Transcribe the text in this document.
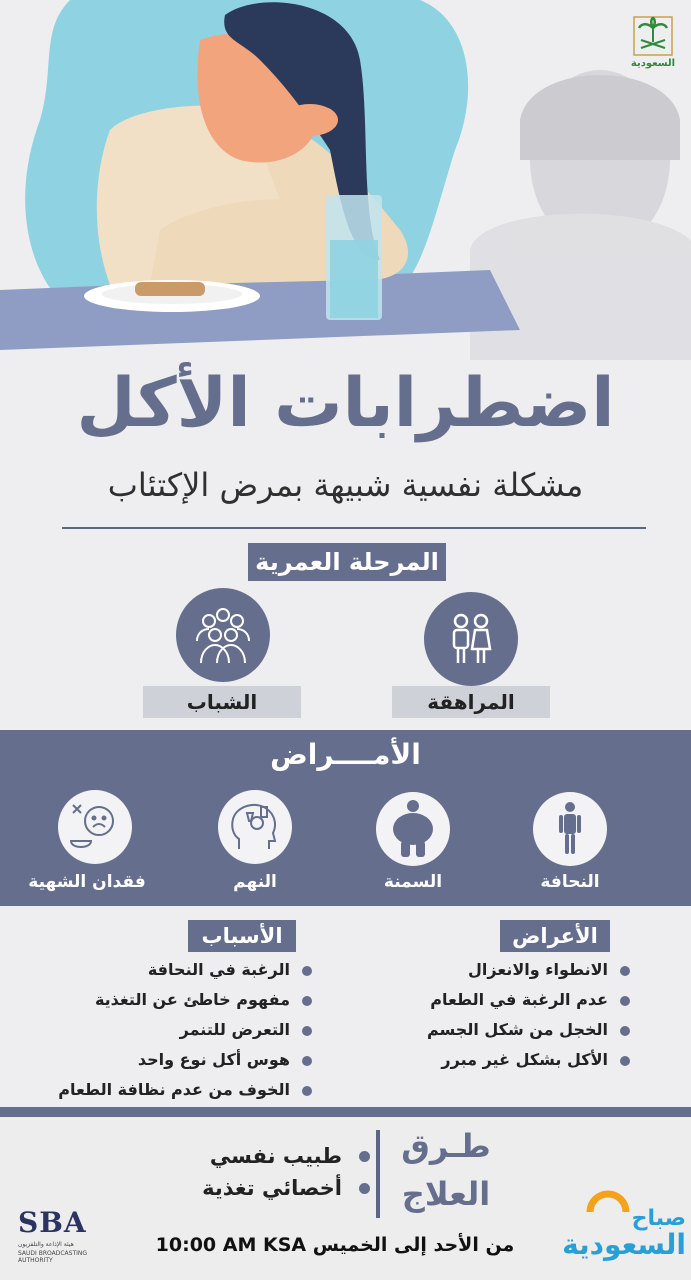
السعودية
اضطرابات الأكل
مشكلة نفسية شبيهة بمرض الإكتئاب
المرحلة العمرية
المراهقة
الشباب
الأمــــراض
النحافة
السمنة
النهم
فقدان الشهية
الأعراض
الأسباب
الانطواء والانعزال
عدم الرغبة في الطعام
الخجل من شكل الجسم
الأكل بشكل غير مبرر
الرغبة في النحافة
مفهوم خاطئ عن التغذية
التعرض للتنمر
هوس أكل نوع واحد
الخوف من عدم نظافة الطعام
طـرق
العلاج
طبيب نفسي
أخصائي تغذية
من الأحد إلى الخميس 10:00 AM KSA
SBA
هيئة الإذاعة والتلفزيون
SAUDI BROADCASTING AUTHORITY
صباح
السعودية
